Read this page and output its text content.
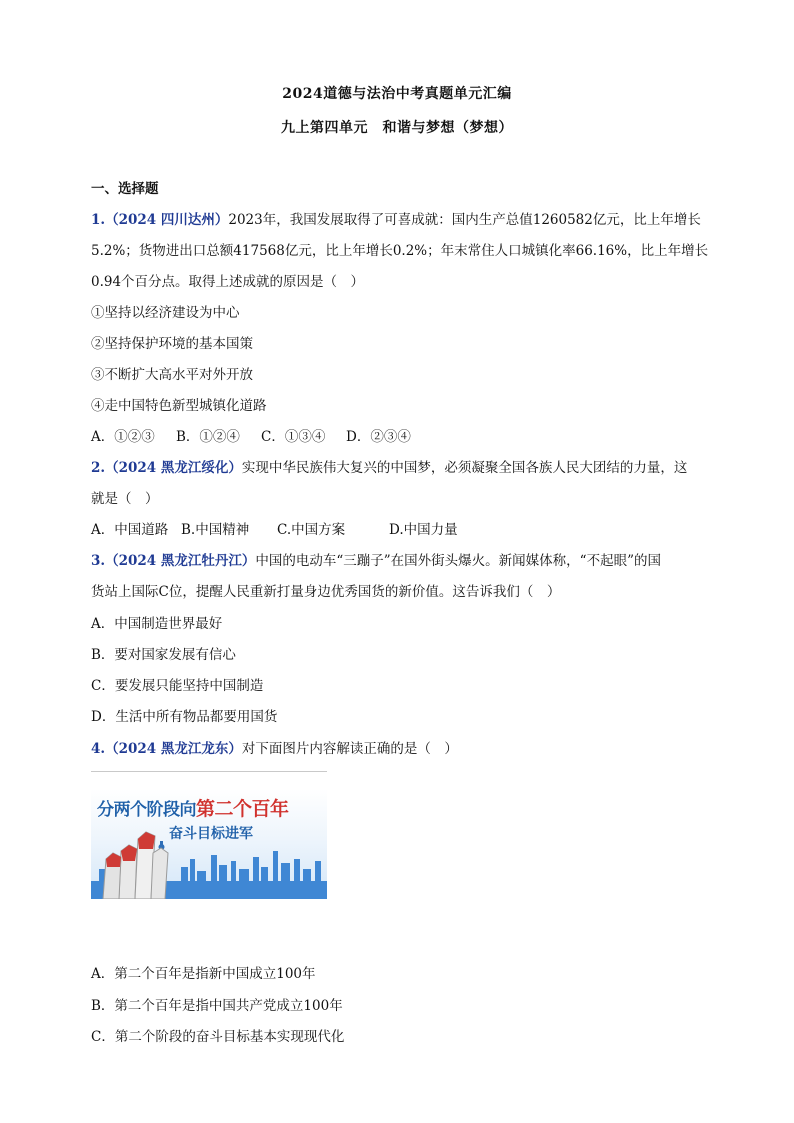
2024道德与法治中考真题单元汇编
九上第四单元　和谐与梦想（梦想）
一、选择题
1.（2024 四川达州）2023年，我国发展取得了可喜成就：国内生产总值1260582亿元，比上年增长
5.2%；货物进出口总额417568亿元，比上年增长0.2%；年末常住人口城镇化率66.16%，比上年增长
0.94个百分点。取得上述成就的原因是（　）
①坚持以经济建设为中心
②坚持保护环境的基本国策
③不断扩大高水平对外开放
④走中国特色新型城镇化道路
A．①②③ B．①②④ C．①③④ D．②③④
2.（2024 黑龙江绥化）实现中华民族伟大复兴的中国梦，必须凝聚全国各族人民大团结的力量，这
就是（　）
A．中国道路 B.中国精神 C.中国方案	D.中国力量
3.（2024 黑龙江牡丹江）中国的电动车“三蹦子”在国外街头爆火。新闻媒体称，“不起眼”的国
货站上国际C位，提醒人民重新打量身边优秀国货的新价值。这告诉我们（　）
A．中国制造世界最好
B．要对国家发展有信心
C．要发展只能坚持中国制造
D．生活中所有物品都要用国货
4.（2024 黑龙江龙东）对下面图片内容解读正确的是（　）
分两个阶段向第二个百年
奋斗目标进军
A．第二个百年是指新中国成立100年
B．第二个百年是指中国共产党成立100年
C．第二个阶段的奋斗目标基本实现现代化
